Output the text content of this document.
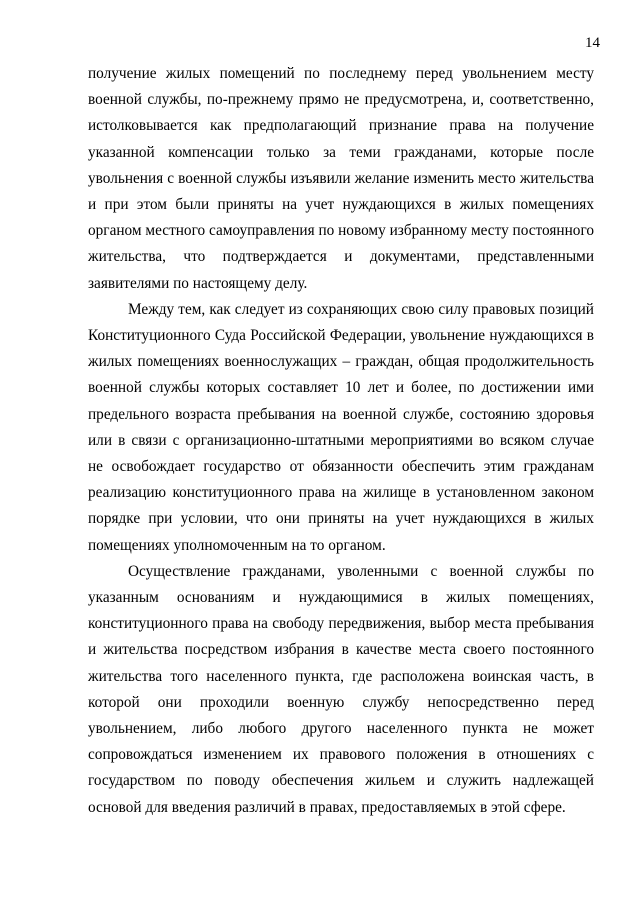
14

получение жилых помещений по последнему перед увольнением месту военной службы, по-прежнему прямо не предусмотрена, и, соответственно, истолковывается как предполагающий признание права на получение указанной компенсации только за теми гражданами, которые после увольнения с военной службы изъявили желание изменить место жительства и при этом были приняты на учет нуждающихся в жилых помещениях органом местного самоуправления по новому избранному месту постоянного жительства, что подтверждается и документами, представленными заявителями по настоящему делу.

Между тем, как следует из сохраняющих свою силу правовых позиций Конституционного Суда Российской Федерации, увольнение нуждающихся в жилых помещениях военнослужащих – граждан, общая продолжительность военной службы которых составляет 10 лет и более, по достижении ими предельного возраста пребывания на военной службе, состоянию здоровья или в связи с организационно-штатными мероприятиями во всяком случае не освобождает государство от обязанности обеспечить этим гражданам реализацию конституционного права на жилище в установленном законом порядке при условии, что они приняты на учет нуждающихся в жилых помещениях уполномоченным на то органом.

Осуществление гражданами, уволенными с военной службы по указанным основаниям и нуждающимися в жилых помещениях, конституционного права на свободу передвижения, выбор места пребывания и жительства посредством избрания в качестве места своего постоянного жительства того населенного пункта, где расположена воинская часть, в которой они проходили военную службу непосредственно перед увольнением, либо любого другого населенного пункта не может сопровождаться изменением их правового положения в отношениях с государством по поводу обеспечения жильем и служить надлежащей основой для введения различий в правах, предоставляемых в этой сфере.
